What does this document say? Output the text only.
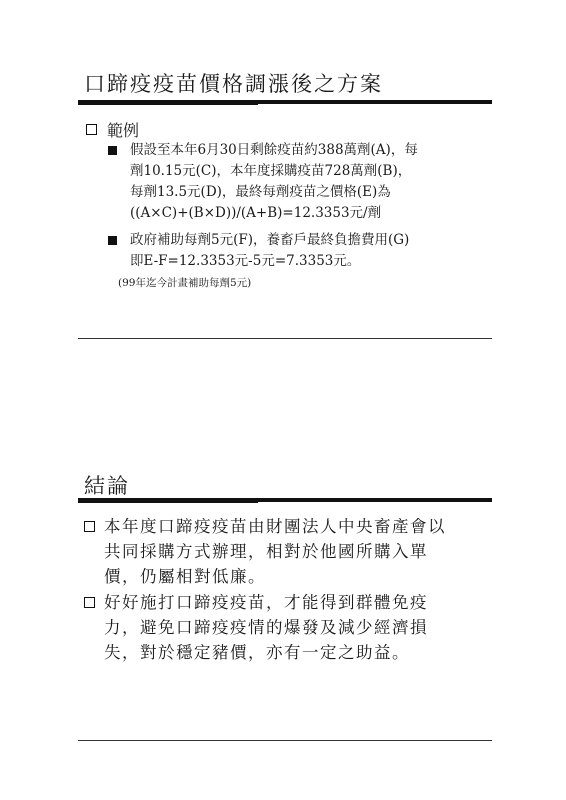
口蹄疫疫苗價格調漲後之方案
範例
假設至本年6月30日剩餘疫苗約388萬劑(A)，每
劑10.15元(C)，本年度採購疫苗728萬劑(B)，
每劑13.5元(D)，最終每劑疫苗之價格(E)為
((A×C)+(B×D))/(A+B)=12.3353元/劑
政府補助每劑5元(F)，養畜戶最終負擔費用(G)
即E-F=12.3353元-5元=7.3353元。
(99年迄今計畫補助每劑5元)
結論
本年度口蹄疫疫苗由財團法人中央畜產會以
共同採購方式辦理，相對於他國所購入單
價，仍屬相對低廉。
好好施打口蹄疫疫苗，才能得到群體免疫
力，避免口蹄疫疫情的爆發及減少經濟損
失，對於穩定豬價，亦有一定之助益。
